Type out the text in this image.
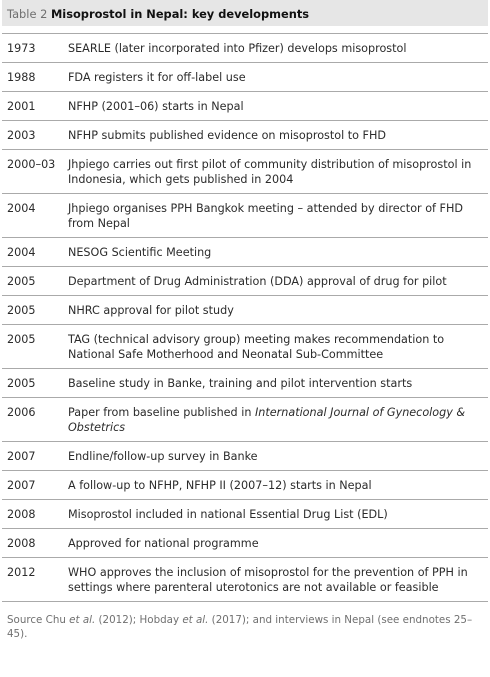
Table 2 Misoprostol in Nepal: key developments
1973	SEARLE (later incorporated into Pfizer) develops misoprostol
1988	FDA registers it for off-label use
2001	NFHP (2001–06) starts in Nepal
2003	NFHP submits published evidence on misoprostol to FHD
2000–03	Jhpiego carries out first pilot of community distribution of misoprostol in Indonesia, which gets published in 2004
2004	Jhpiego organises PPH Bangkok meeting – attended by director of FHD from Nepal
2004	NESOG Scientific Meeting
2005	Department of Drug Administration (DDA) approval of drug for pilot
2005	NHRC approval for pilot study
2005	TAG (technical advisory group) meeting makes recommendation to National Safe Motherhood and Neonatal Sub-Committee
2005	Baseline study in Banke, training and pilot intervention starts
2006	Paper from baseline published in International Journal of Gynecology & Obstetrics
2007	Endline/follow-up survey in Banke
2007	A follow-up to NFHP, NFHP II (2007–12) starts in Nepal
2008	Misoprostol included in national Essential Drug List (EDL)
2008	Approved for national programme
2012	WHO approves the inclusion of misoprostol for the prevention of PPH in settings where parenteral uterotonics are not available or feasible
Source Chu et al. (2012); Hobday et al. (2017); and interviews in Nepal (see endnotes 25–45).
